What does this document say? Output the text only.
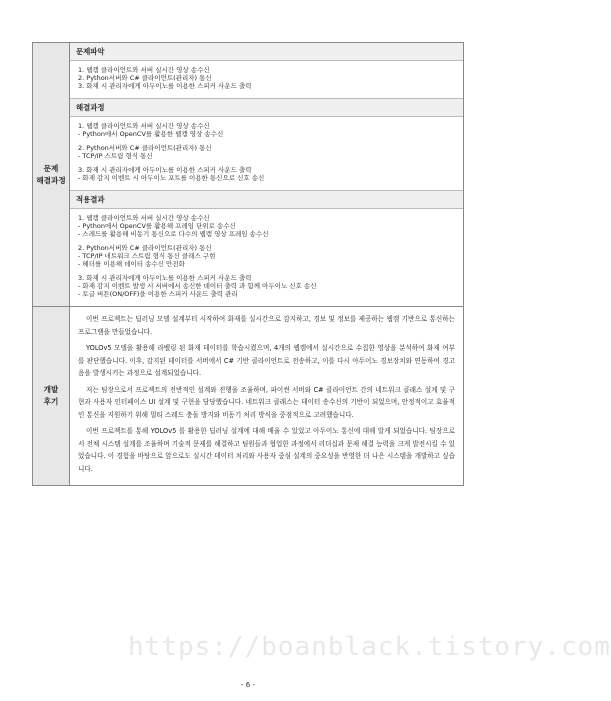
문제
해결과정
문제파악
1. 웹캠 클라이언트와 서버 실시간 영상 송수신
2. Python서버와 C# 클라이언트(관리자) 통신
3. 화재 시 관리자에게 아두이노를 이용한 스피커 사운드 출력
해결과정
1. 웹캠 클라이언트와 서버 실시간 영상 송수신
- Python에서 OpenCV를 활용한 웹캠 영상 송수신
2. Python서버와 C# 클라이언트(관리자) 통신
- TCP/IP 스트림 형식 통신
3. 화재 시 관리자에게 아두이노를 이용한 스피커 사운드 출력
- 화재 감지 이벤트 시 아두이노 포트를 이용한 통신으로 신호 송신
적용결과
1. 웹캠 클라이언트와 서버 실시간 영상 송수신
- Python에서 OpenCV를 활용해 프레임 단위로 송수신
- 스레드를 활용해 비동기 통신으로 다수의 웹캠 영상 프레임 송수신
2. Python서버와 C# 클라이언트(관리자) 통신
- TCP/IP 네트워크 스트림 형식 통신 클래스 구현
- 헤더를 이용해 데이터 송수신 안전화
3. 화재 시 관리자에게 아두이노를 이용한 스피커 사운드 출력
- 화재 감지 이벤트 발생 시 서버에서 송신한 데이터 출력 과 함께 아두이노 신호 송신
- 토글 버튼(ON/OFF)을 이용한 스피커 사운드 출력 관리
개발
후기

이번 프로젝트는 딥러닝 모델 설계부터 시작하여 화재를 실시간으로 감지하고, 경보 및 정보를 제공하는 웹캠 기반으로 통신하는 프로그램을 만들었습니다.

YOLOv5 모델을 활용해 라벨링 된 화재 데이터를 학습시켰으며, 4개의 웹캠에서 실시간으로 수집한 영상을 분석하여 화재 여부를 판단했습니다. 이후, 감지된 데이터를 서버에서 C# 기반 클라이언트로 전송하고, 이를 다시 아두이노 경보장치와 연동하여 경고음을 발생시키는 과정으로 설계되었습니다.

저는 팀장으로서 프로젝트의 전반적인 설계와 진행을 조율하며, 파이썬 서버와 C# 클라이언트 간의 네트워크 클래스 설계 및 구현과 사용자 인터페이스 UI 설계 및 구현을 담당했습니다. 네트워크 클래스는 데이터 송수신의 기반이 되었으며, 안정적이고 효율적인 통신을 지원하기 위해 멀티 스레드 충돌 방지와 비동기 처리 방식을 중점적으로 고려했습니다.

이번 프로젝트를 통해 YOLOv5 를 활용한 딥러닝 설계에 대해 배울 수 있었고 아두이노 통신에 대해 알게 되었습니다. 팀장으로서 전체 시스템 설계를 조율하며 기술적 문제를 해결하고 팀원들과 협업한 과정에서 리더십과 문제 해결 능력을 크게 발전시킬 수 있었습니다. 이 경험을 바탕으로 앞으로도 실시간 데이터 처리와 사용자 중심 설계의 중요성을 반영한 더 나은 시스템을 개발하고 싶습니다.

https://boanblack.tistory.com
- 6 -
